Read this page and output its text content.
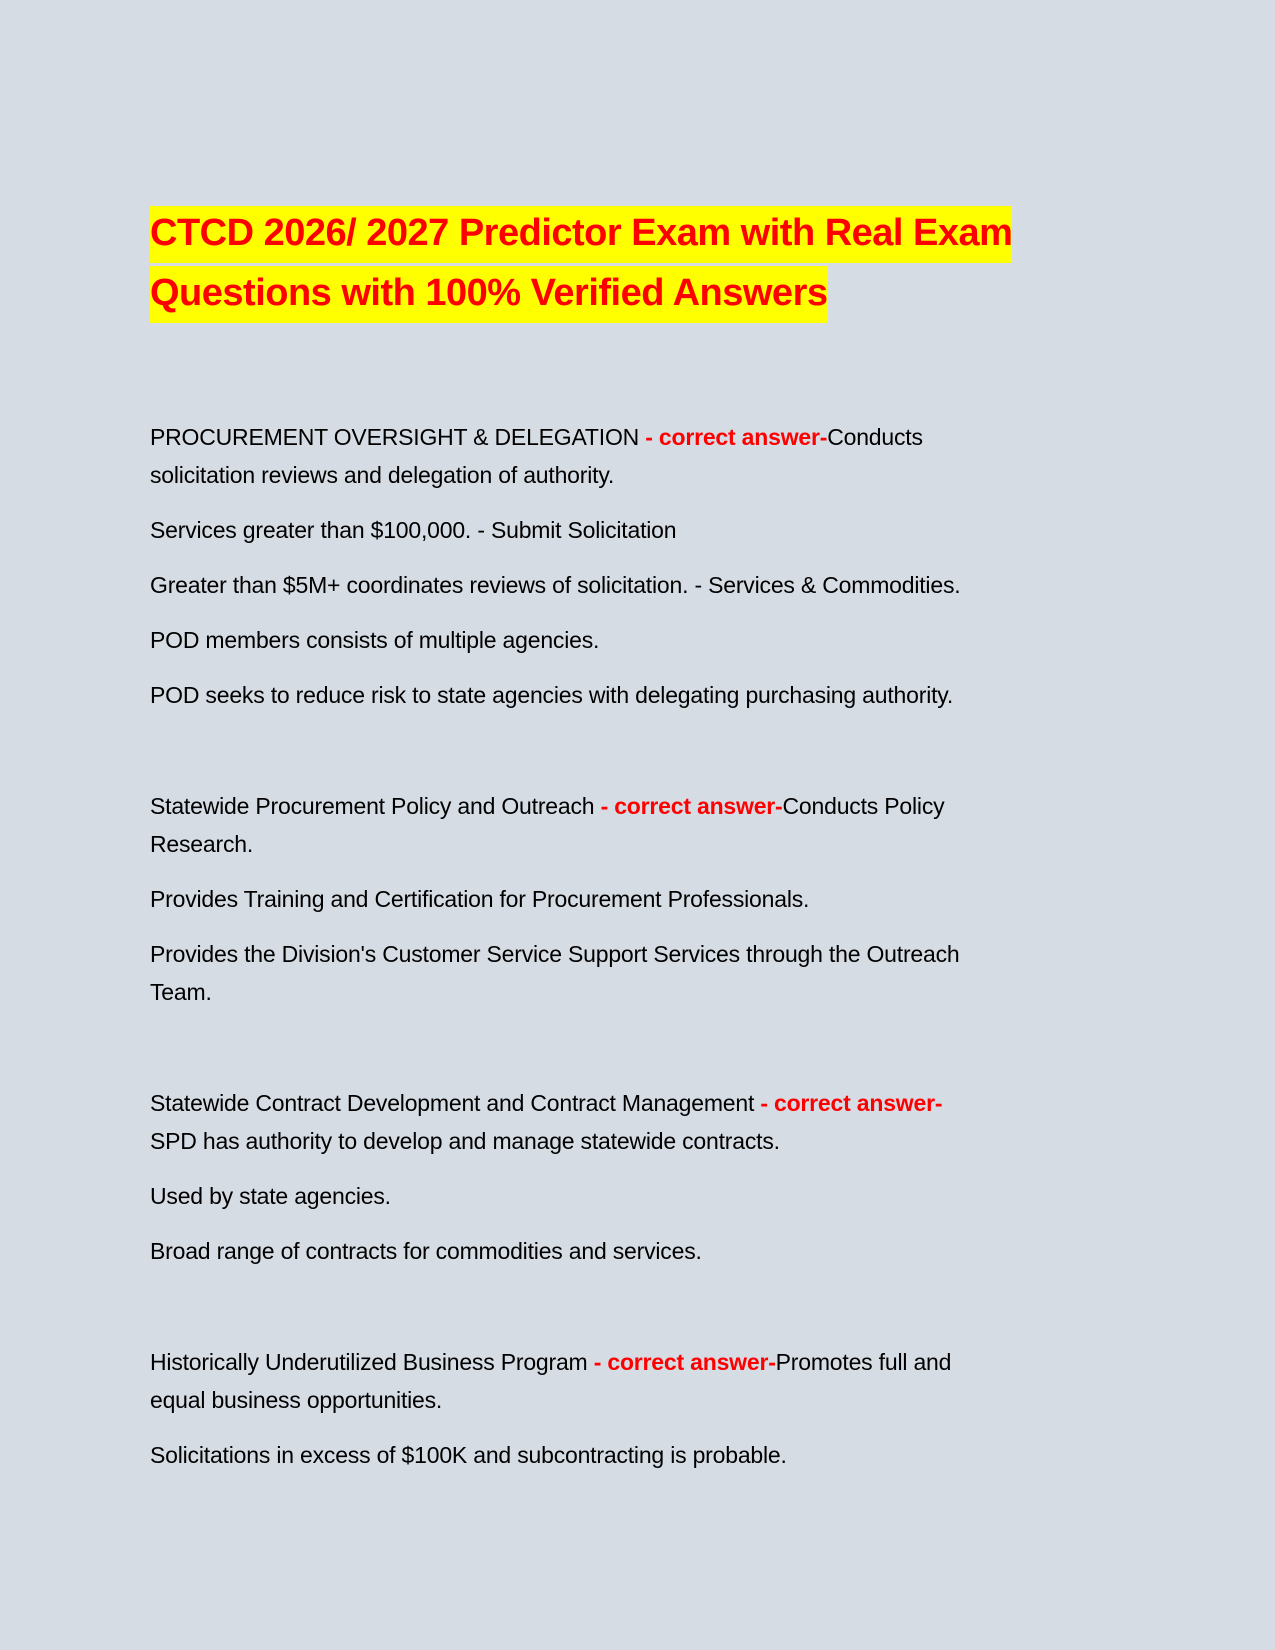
CTCD 2026/ 2027 Predictor Exam with Real Exam
Questions with 100% Verified Answers
PROCUREMENT OVERSIGHT & DELEGATION - correct answer-Conducts
solicitation reviews and delegation of authority.
Services greater than $100,000. - Submit Solicitation
Greater than $5M+ coordinates reviews of solicitation. - Services & Commodities.
POD members consists of multiple agencies.
POD seeks to reduce risk to state agencies with delegating purchasing authority.
Statewide Procurement Policy and Outreach - correct answer-Conducts Policy
Research.
Provides Training and Certification for Procurement Professionals.
Provides the Division's Customer Service Support Services through the Outreach
Team.
Statewide Contract Development and Contract Management - correct answer-
SPD has authority to develop and manage statewide contracts.
Used by state agencies.
Broad range of contracts for commodities and services.
Historically Underutilized Business Program - correct answer-Promotes full and
equal business opportunities.
Solicitations in excess of $100K and subcontracting is probable.
